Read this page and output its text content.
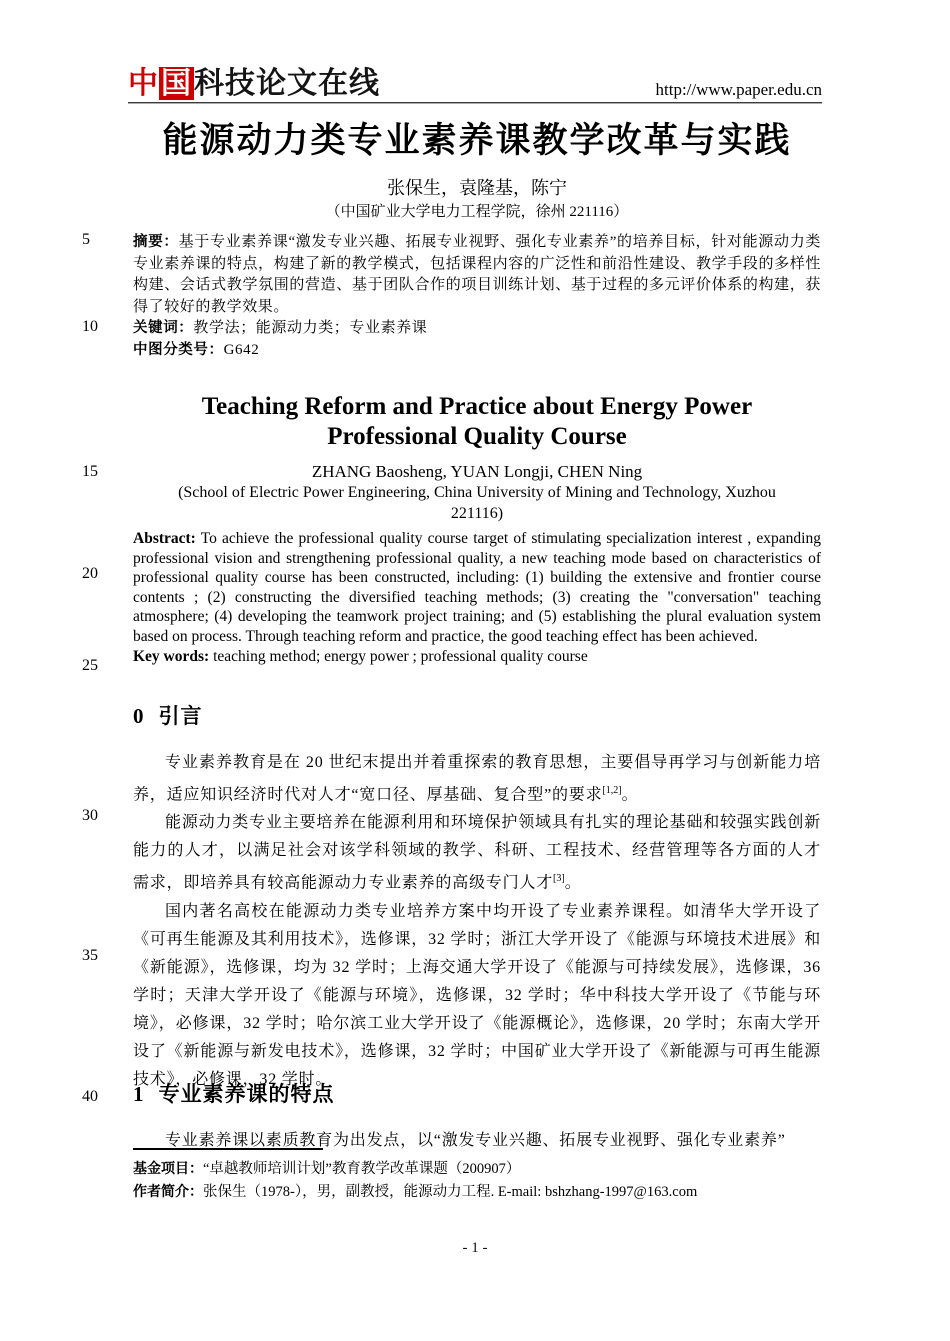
中国科技论文在线	http://www.paper.edu.cn
5
10
15
20
25
30
35
40
能源动力类专业素养课教学改革与实践
张保生，袁隆基，陈宁
（中国矿业大学电力工程学院，徐州 221116）

摘要：基于专业素养课“激发专业兴趣、拓展专业视野、强化专业素养”的培养目标，针对能源动力类专业素养课的特点，构建了新的教学模式，包括课程内容的广泛性和前沿性建设、教学手段的多样性构建、会话式教学氛围的营造、基于团队合作的项目训练计划、基于过程的多元评价体系的构建，获得了较好的教学效果。

关键词：教学法；能源动力类；专业素养课

中图分类号：G642

Teaching Reform and Practice about Energy Power
Professional Quality Course
ZHANG Baosheng, YUAN Longji, CHEN Ning
(School of Electric Power Engineering, China University of Mining and Technology, Xuzhou
221116)

Abstract: To achieve the professional quality course target of stimulating specialization interest , expanding professional vision and strengthening professional quality, a new teaching mode based on characteristics of professional quality course has been constructed, including: (1) building the extensive and frontier course contents ; (2) constructing the diversified teaching methods; (3) creating the "conversation" teaching atmosphere; (4) developing the teamwork project training; and (5) establishing the plural evaluation system based on process. Through teaching reform and practice, the good teaching effect has been achieved.

Key words: teaching method; energy power ; professional quality course

0 引言

专业素养教育是在 20 世纪末提出并着重探索的教育思想，主要倡导再学习与创新能力培养，适应知识经济时代对人才“宽口径、厚基础、复合型”的要求[1,2]。

能源动力类专业主要培养在能源利用和环境保护领域具有扎实的理论基础和较强实践创新能力的人才，以满足社会对该学科领域的教学、科研、工程技术、经营管理等各方面的人才需求，即培养具有较高能源动力专业素养的高级专门人才[3]。

国内著名高校在能源动力类专业培养方案中均开设了专业素养课程。如清华大学开设了《可再生能源及其利用技术》，选修课，32 学时；浙江大学开设了《能源与环境技术进展》和《新能源》，选修课，均为 32 学时；上海交通大学开设了《能源与可持续发展》，选修课，36 学时；天津大学开设了《能源与环境》，选修课，32 学时；华中科技大学开设了《节能与环境》，必修课，32 学时；哈尔滨工业大学开设了《能源概论》，选修课，20 学时；东南大学开设了《新能源与新发电技术》，选修课，32 学时；中国矿业大学开设了《新能源与可再生能源技术》，必修课，32 学时。

1 专业素养课的特点

专业素养课以素质教育为出发点，以“激发专业兴趣、拓展专业视野、强化专业素养”

基金项目：“卓越教师培训计划”教育教学改革课题（200907）
作者简介：张保生（1978-），男，副教授，能源动力工程. E-mail: bshzhang-1997@163.com
- 1 -
